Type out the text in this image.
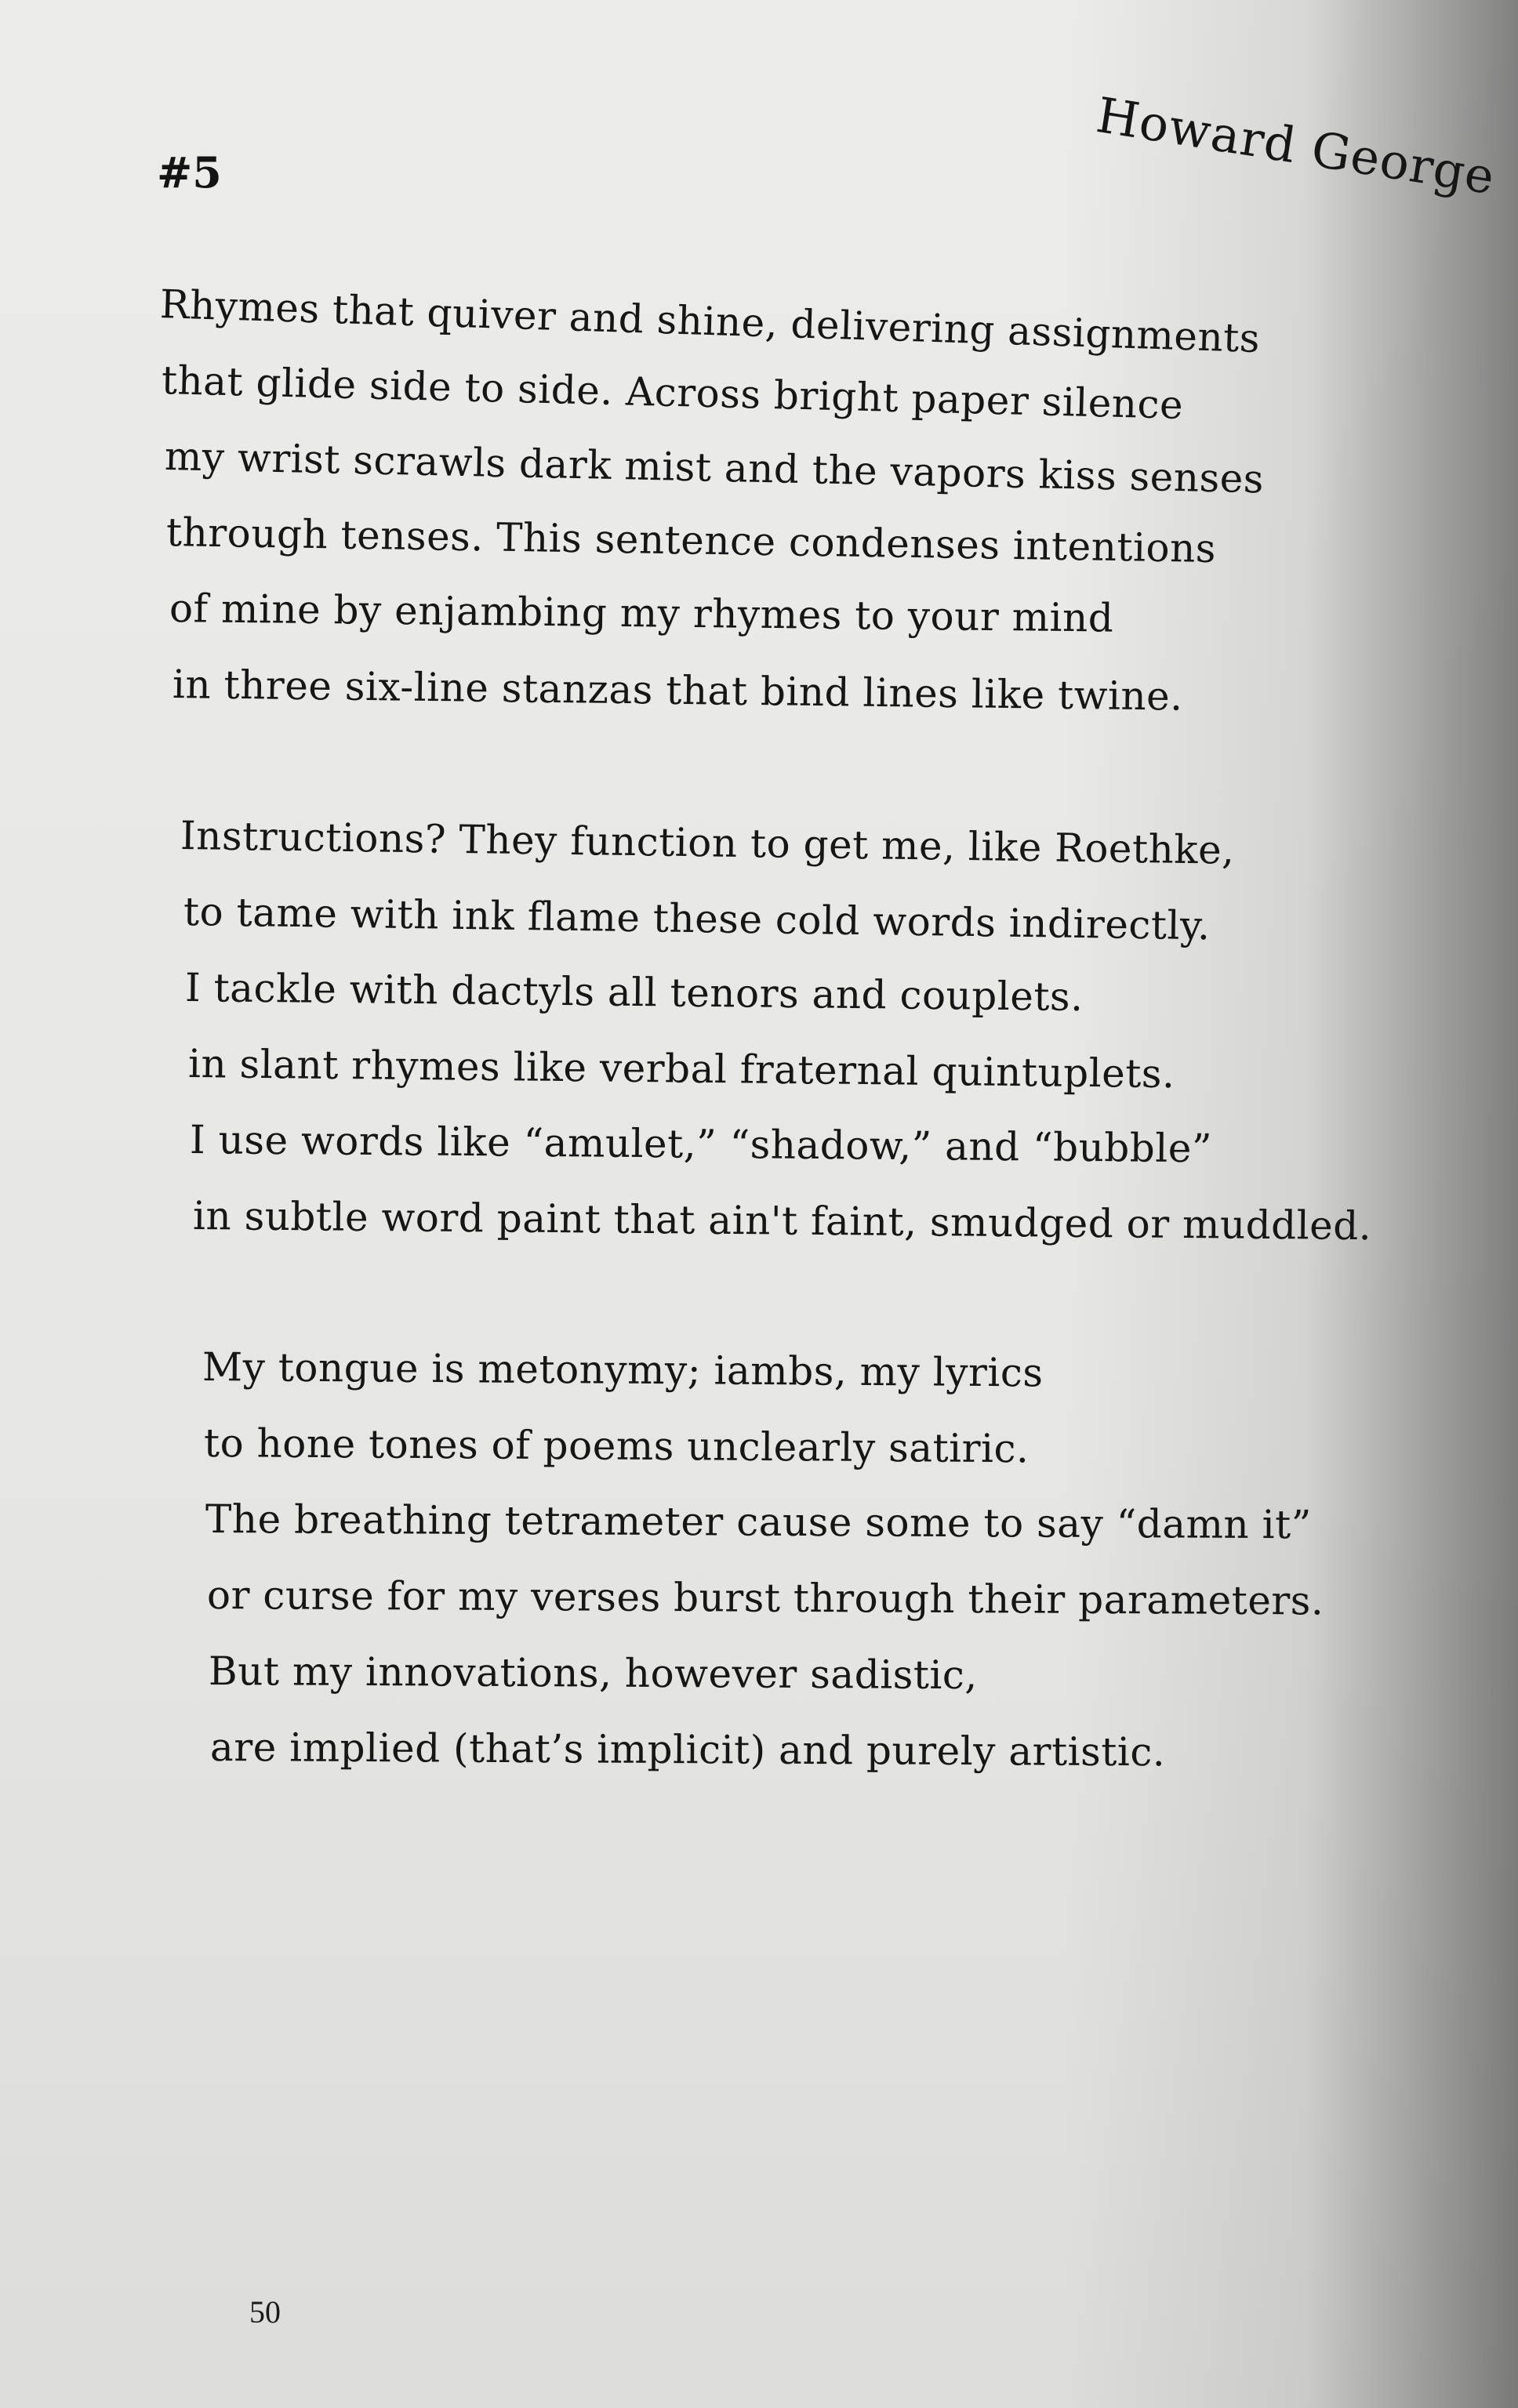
Howard George
#5
Rhymes that quiver and shine, delivering assignments
that glide side to side. Across bright paper silence
my wrist scrawls dark mist and the vapors kiss senses
through tenses. This sentence condenses intentions
of mine by enjambing my rhymes to your mind
in three six-line stanzas that bind lines like twine.
Instructions? They function to get me, like Roethke,
to tame with ink flame these cold words indirectly.
I tackle with dactyls all tenors and couplets.
in slant rhymes like verbal fraternal quintuplets.
I use words like “amulet,” “shadow,” and “bubble”
in subtle word paint that ain't faint, smudged or muddled.
My tongue is metonymy; iambs, my lyrics
to hone tones of poems unclearly satiric.
The breathing tetrameter cause some to say “damn it”
or curse for my verses burst through their parameters.
But my innovations, however sadistic,
are implied (that’s implicit) and purely artistic.
50
